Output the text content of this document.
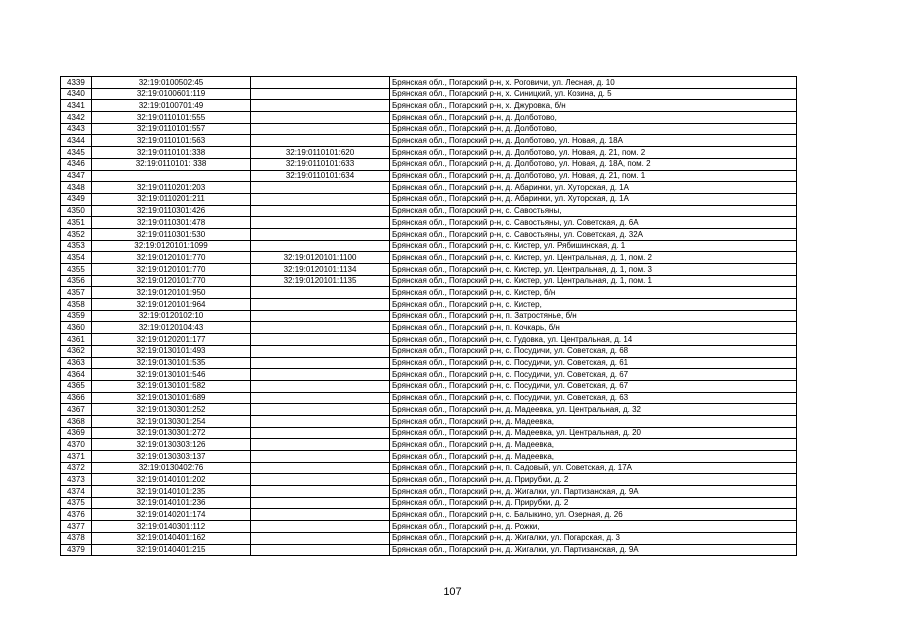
4339	32:19:0100502:45		Брянская обл., Погарский р-н, х. Роговичи, ул. Лесная, д. 10
4340	32:19:0100601:119		Брянская обл., Погарский р-н, х. Синицкий, ул. Козина, д. 5
4341	32:19:0100701:49		Брянская обл., Погарский р-н, х. Джуровка, б/н
4342	32:19:0110101:555		Брянская обл., Погарский р-н, д. Долботово,
4343	32:19:0110101:557		Брянская обл., Погарский р-н, д. Долботово,
4344	32:19:0110101:563		Брянская обл., Погарский р-н, д. Долботово, ул. Новая, д. 18А
4345	32:19:0110101:338	32:19:0110101:620	Брянская обл., Погарский р-н, д. Долботово, ул. Новая, д. 21, пом. 2
4346	32:19:0110101: 338	32:19:0110101:633	Брянская обл., Погарский р-н, д. Долботово, ул. Новая, д. 18А, пом. 2
4347		32:19:0110101:634	Брянская обл., Погарский р-н, д. Долботово, ул. Новая, д. 21, пом. 1
4348	32:19:0110201:203		Брянская обл., Погарский р-н, д. Абаринки, ул. Хуторская, д. 1А
4349	32:19:0110201:211		Брянская обл., Погарский р-н, д. Абаринки, ул. Хуторская, д. 1А
4350	32:19:0110301:426		Брянская обл., Погарский р-н, с. Савостьяны,
4351	32:19:0110301:478		Брянская обл., Погарский р-н, с. Савостьяны, ул. Советская, д. 6А
4352	32:19:0110301:530		Брянская обл., Погарский р-н, с. Савостьяны, ул. Советская, д. 32А
4353	32:19:0120101:1099		Брянская обл., Погарский р-н, с. Кистер, ул. Рябишинская, д. 1
4354	32:19:0120101:770	32:19:0120101:1100	Брянская обл., Погарский р-н, с. Кистер, ул. Центральная, д. 1, пом. 2
4355	32:19:0120101:770	32:19:0120101:1134	Брянская обл., Погарский р-н, с. Кистер, ул. Центральная, д. 1, пом. 3
4356	32:19:0120101:770	32:19:0120101:1135	Брянская обл., Погарский р-н, с. Кистер, ул. Центральная, д. 1, пом. 1
4357	32:19:0120101:950		Брянская обл., Погарский р-н, с. Кистер, б/н
4358	32:19:0120101:964		Брянская обл., Погарский р-н, с. Кистер,
4359	32:19:0120102:10		Брянская обл., Погарский р-н, п. Затростянье, б/н
4360	32:19:0120104:43		Брянская обл., Погарский р-н, п. Кочкарь, б/н
4361	32:19:0120201:177		Брянская обл., Погарский р-н, с. Гудовка, ул. Центральная, д. 14
4362	32:19:0130101:493		Брянская обл., Погарский р-н, с. Посудичи, ул. Советская, д. 68
4363	32:19:0130101:535		Брянская обл., Погарский р-н, с. Посудичи, ул. Советская, д. 61
4364	32:19:0130101:546		Брянская обл., Погарский р-н, с. Посудичи, ул. Советская, д. 67
4365	32:19:0130101:582		Брянская обл., Погарский р-н, с. Посудичи, ул. Советская, д. 67
4366	32:19:0130101:689		Брянская обл., Погарский р-н, с. Посудичи, ул. Советская, д. 63
4367	32:19:0130301:252		Брянская обл., Погарский р-н, д. Мадеевка, ул. Центральная, д. 32
4368	32:19:0130301:254		Брянская обл., Погарский р-н, д. Мадеевка,
4369	32:19:0130301:272		Брянская обл., Погарский р-н, д. Мадеевка, ул. Центральная, д. 20
4370	32:19:0130303:126		Брянская обл., Погарский р-н, д. Мадеевка,
4371	32:19:0130303:137		Брянская обл., Погарский р-н, д. Мадеевка,
4372	32:19:0130402:76		Брянская обл., Погарский р-н, п. Садовый, ул. Советская, д. 17А
4373	32:19:0140101:202		Брянская обл., Погарский р-н, д. Прирубки, д. 2
4374	32:19:0140101:235		Брянская обл., Погарский р-н, д. Жигалки, ул. Партизанская, д. 9А
4375	32:19:0140101:236		Брянская обл., Погарский р-н, д. Прирубки, д. 2
4376	32:19:0140201:174		Брянская обл., Погарский р-н, с. Балыкино, ул. Озерная, д. 26
4377	32:19:0140301:112		Брянская обл., Погарский р-н, д. Рожки,
4378	32:19:0140401:162		Брянская обл., Погарский р-н, д. Жигалки, ул. Погарская, д. 3
4379	32:19:0140401:215		Брянская обл., Погарский р-н, д. Жигалки, ул. Партизанская, д. 9А
107
